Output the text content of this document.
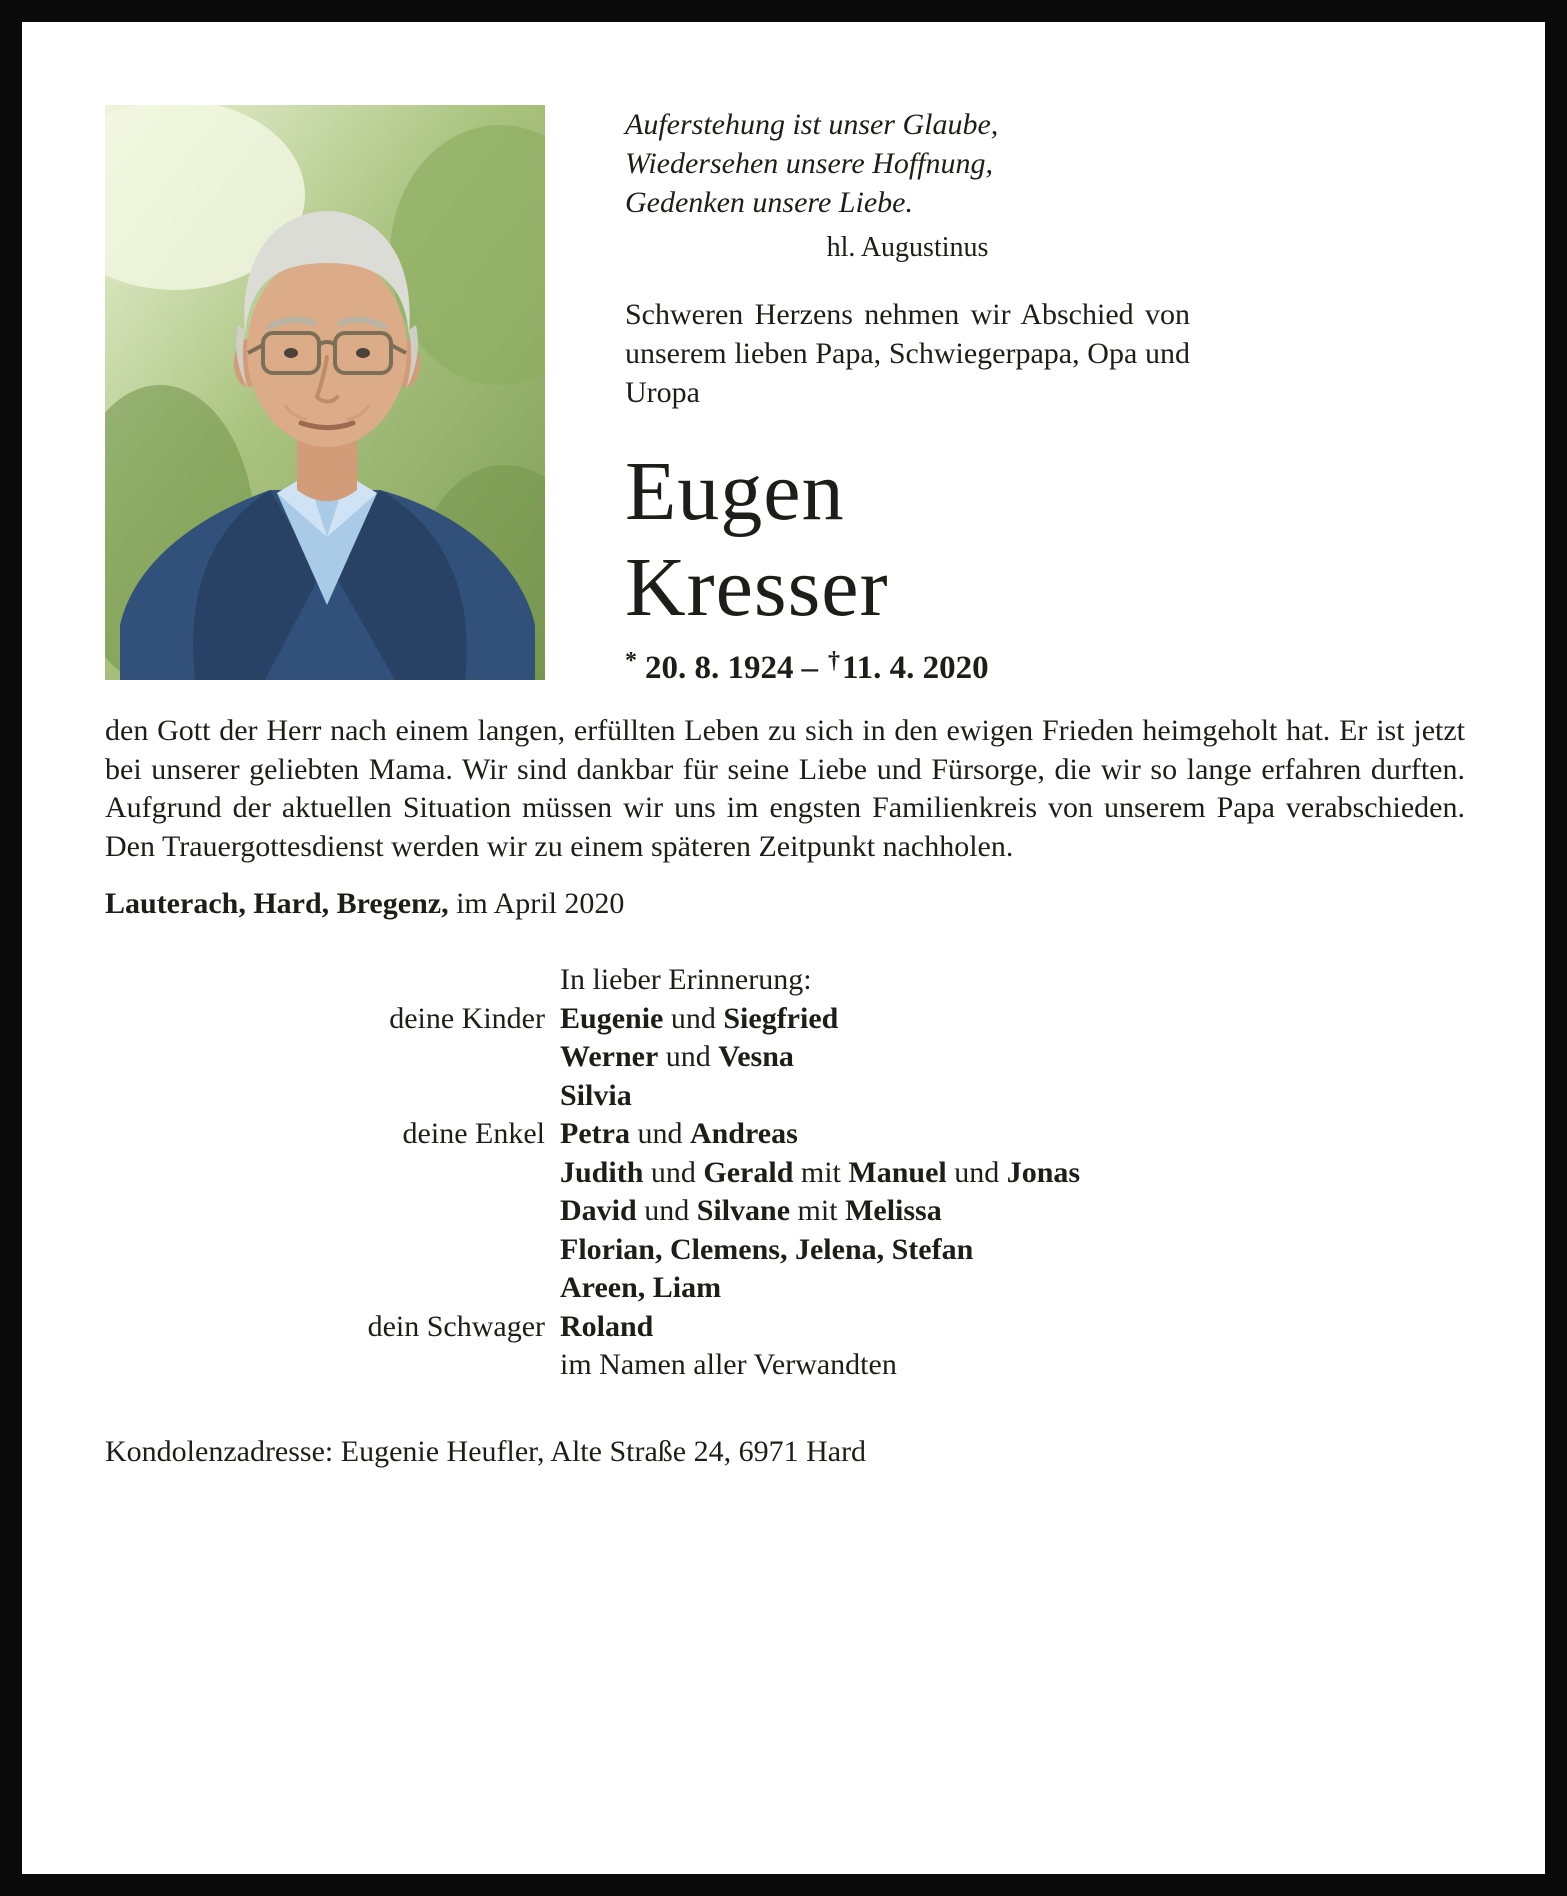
Auferstehung ist unser Glaube,
Wiedersehen unsere Hoffnung,
Gedenken unsere Liebe.
hl. Augustinus

Schweren Herzens nehmen wir Abschied von unserem lieben Papa, Schwiegerpapa, Opa und Uropa

Eugen
Kresser
* 20. 8. 1924 – †11. 4. 2020

den Gott der Herr nach einem langen, erfüllten Leben zu sich in den ewigen Frieden heimgeholt hat. Er ist jetzt bei unserer geliebten Mama. Wir sind dankbar für seine Liebe und Fürsorge, die wir so lange erfahren durften. Aufgrund der aktuellen Situation müssen wir uns im engsten Familienkreis von unserem Papa verabschieden. Den Trauergottesdienst werden wir zu einem späteren Zeitpunkt nachholen.

Lauterach, Hard, Bregenz, im April 2020

In lieber Erinnerung:
deine Kinder Eugenie und Siegfried
Werner und Vesna
Silvia
deine Enkel Petra und Andreas
Judith und Gerald mit Manuel und Jonas
David und Silvane mit Melissa
Florian, Clemens, Jelena, Stefan
Areen, Liam
dein Schwager Roland
im Namen aller Verwandten

Kondolenzadresse: Eugenie Heufler, Alte Straße 24, 6971 Hard
